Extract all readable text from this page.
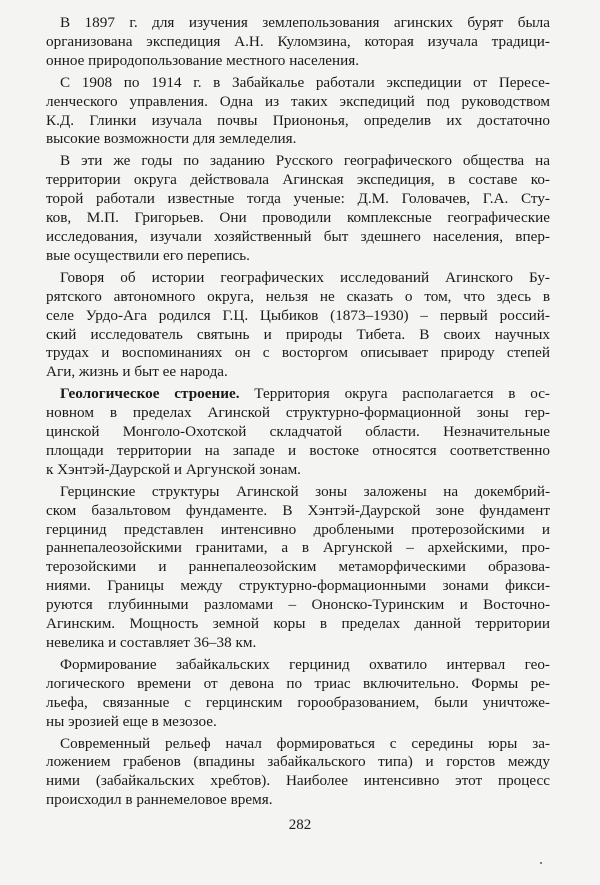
В 1897 г. для изучения землепользования агинских бурят была
организована экспедиция А.Н. Куломзина, которая изучала традици-
онное природопользование местного населения.

С 1908 по 1914 г. в Забайкалье работали экспедиции от Пересе-
ленческого управления. Одна из таких экспедиций под руководством
К.Д. Глинки изучала почвы Приононья, определив их достаточно
высокие возможности для земледелия.

В эти же годы по заданию Русского географического общества на
территории округа действовала Агинская экспедиция, в составе ко-
торой работали известные тогда ученые: Д.М. Головачев, Г.А. Сту-
ков, М.П. Григорьев. Они проводили комплексные географические
исследования, изучали хозяйственный быт здешнего населения, впер-
вые осуществили его перепись.

Говоря об истории географических исследований Агинского Бу-
рятского автономного округа, нельзя не сказать о том, что здесь в
селе Урдо-Ага родился Г.Ц. Цыбиков (1873–1930) – первый россий-
ский исследователь святынь и природы Тибета. В своих научных
трудах и воспоминаниях он с восторгом описывает природу степей
Аги, жизнь и быт ее народа.

Геологическое строение. Территория округа располагается в ос-
новном в пределах Агинской структурно-формационной зоны гер-
цинской Монголо-Охотской складчатой области. Незначительные
площади территории на западе и востоке относятся соответственно
к Хэнтэй-Даурской и Аргунской зонам.

Герцинские структуры Агинской зоны заложены на докембрий-
ском базальтовом фундаменте. В Хэнтэй-Даурской зоне фундамент
герцинид представлен интенсивно дроблеными протерозойскими и
раннепалеозойскими гранитами, а в Аргунской – архейскими, про-
терозойскими и раннепалеозойским метаморфическими образова-
ниями. Границы между структурно-формационными зонами фикси-
руются глубинными разломами – Ононско-Туринским и Восточно-
Агинским. Мощность земной коры в пределах данной территории
невелика и составляет 36–38 км.

Формирование забайкальских герцинид охватило интервал гео-
логического времени от девона по триас включительно. Формы ре-
льефа, связанные с герцинским горообразованием, были уничтоже-
ны эрозией еще в мезозое.

Современный рельеф начал формироваться с середины юры за-
ложением грабенов (впадины забайкальского типа) и горстов между
ними (забайкальских хребтов). Наиболее интенсивно этот процесс
происходил в раннемеловое время.

282
